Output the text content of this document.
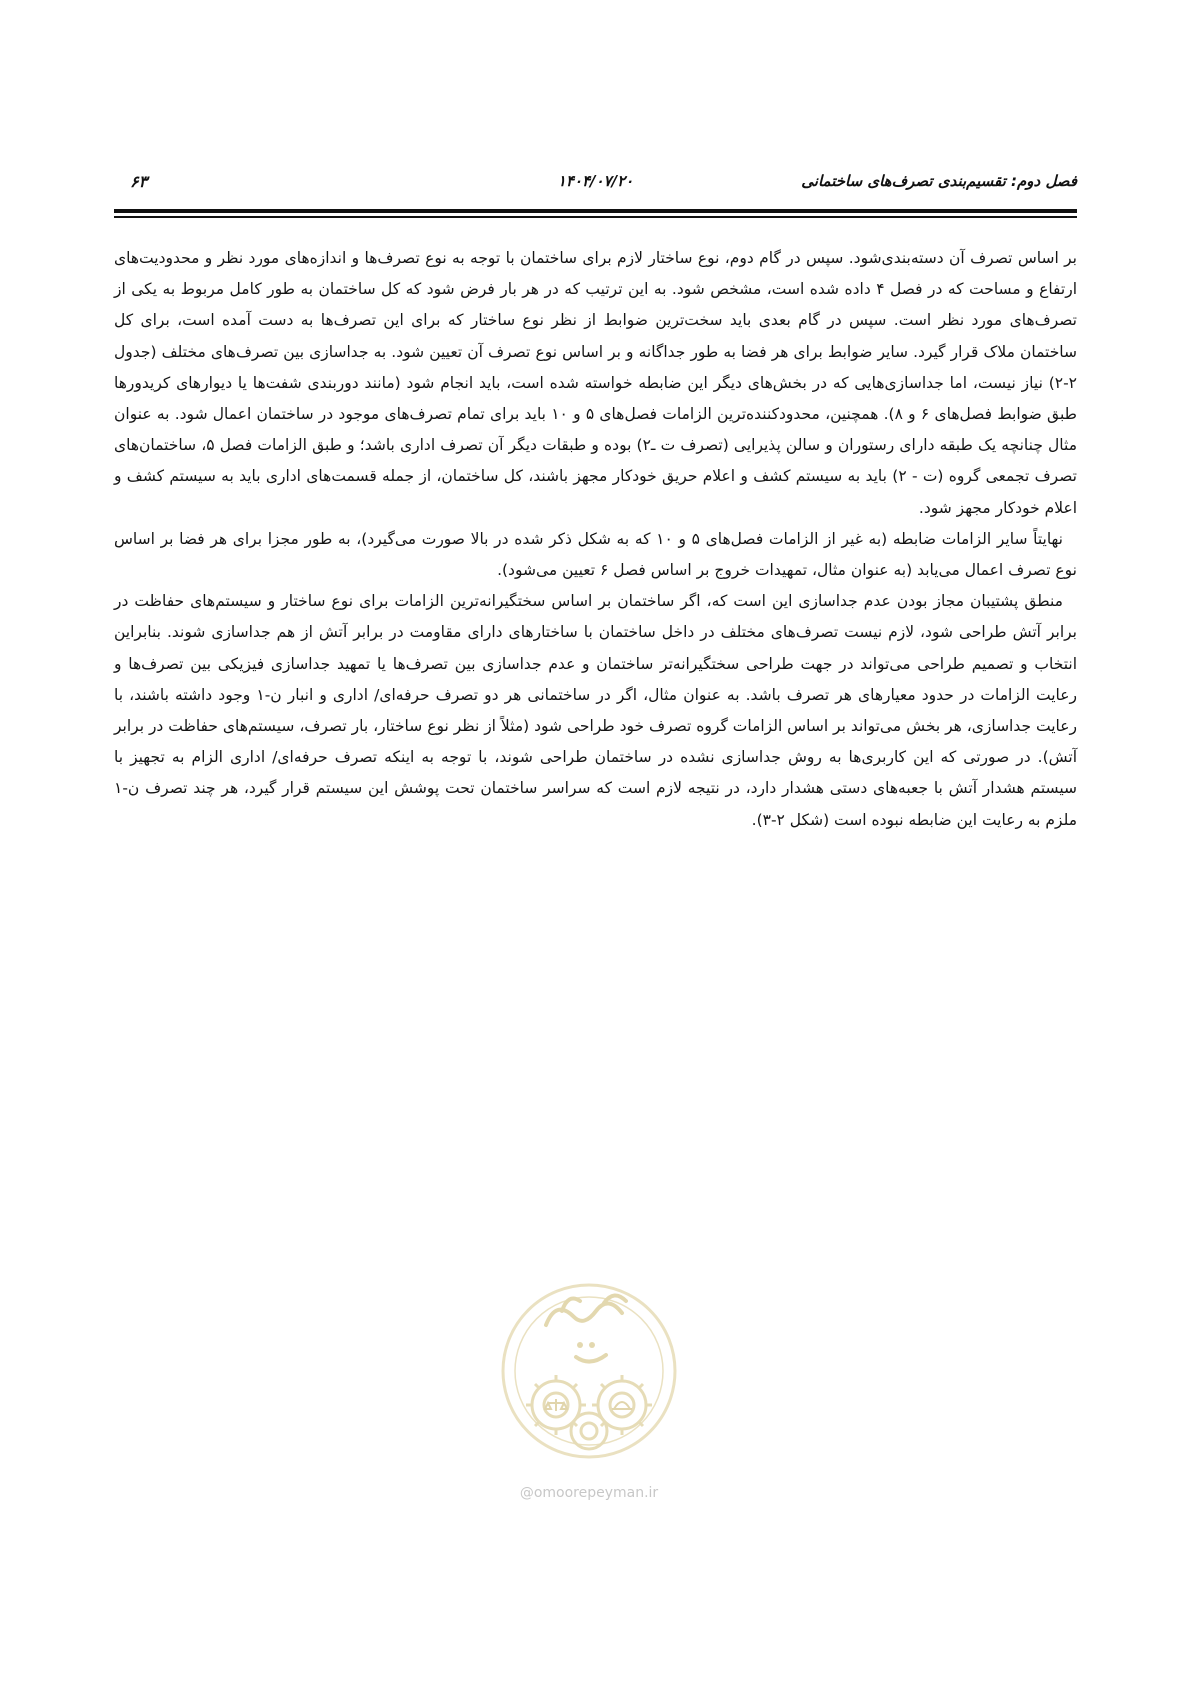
فصل دوم: تقسیم‌بندی تصرف‌های ساختمانی
۱۴۰۴/۰۷/۲۰
۶۳

بر اساس تصرف آن دسته‌بندی‌شود. سپس در گام دوم، نوع ساختار لازم برای ساختمان با توجه به نوع تصرف‌ها و اندازه‌های مورد نظر و محدودیت‌های ارتفاع و مساحت که در فصل ۴ داده شده است، مشخص شود. به این ترتیب که در هر بار فرض شود که کل ساختمان به طور کامل مربوط به یکی از تصرف‌های مورد نظر است. سپس در گام بعدی باید سخت‌ترین ضوابط از نظر نوع ساختار که برای این تصرف‌ها به دست آمده است، برای کل ساختمان ملاک قرار گیرد. سایر ضوابط برای هر فضا به طور جداگانه و بر اساس نوع تصرف آن تعیین شود. به جداسازی بین تصرف‌های مختلف (جدول ۲-۲) نیاز نیست، اما جداسازی‌هایی که در بخش‌های دیگر این ضابطه خواسته شده است، باید انجام شود (مانند دوربندی شفت‌ها یا دیوارهای کریدورها طبق ضوابط فصل‌های ۶ و ۸). همچنین، محدودکننده‌ترین الزامات فصل‌های ۵ و ۱۰ باید برای تمام تصرف‌های موجود در ساختمان اعمال شود. به عنوان مثال چنانچه یک طبقه دارای رستوران و سالن پذیرایی (تصرف ت ـ۲) بوده و طبقات دیگر آن تصرف اداری باشد؛ و طبق الزامات فصل ۵، ساختمان‌های تصرف تجمعی گروه (ت - ۲) باید به سیستم کشف و اعلام حریق خودکار مجهز باشند، کل ساختمان، از جمله قسمت‌های اداری باید به سیستم کشف و اعلام خودکار مجهز شود.

نهایتاً سایر الزامات ضابطه (به غیر از الزامات فصل‌های ۵ و ۱۰ که به شکل ذکر شده در بالا صورت می‌گیرد)، به طور مجزا برای هر فضا بر اساس نوع تصرف اعمال می‌یابد (به عنوان مثال، تمهیدات خروج بر اساس فصل ۶ تعیین می‌شود).

منطق پشتیبان مجاز بودن عدم جداسازی این است که، اگر ساختمان بر اساس سختگیرانه‌ترین الزامات برای نوع ساختار و سیستم‌های حفاظت در برابر آتش طراحی شود، لازم نیست تصرف‌های مختلف در داخل ساختمان با ساختارهای دارای مقاومت در برابر آتش از هم جداسازی شوند. بنابراین انتخاب و تصمیم طراحی می‌تواند در جهت طراحی سختگیرانه‌تر ساختمان و عدم جداسازی بین تصرف‌ها یا تمهید جداسازی فیزیکی بین تصرف‌ها و رعایت الزامات در حدود معیارهای هر تصرف باشد. به عنوان مثال، اگر در ساختمانی هر دو تصرف حرفه‌ای/ اداری و انبار ن-۱ وجود داشته باشند، با رعایت جداسازی، هر بخش می‌تواند بر اساس الزامات گروه تصرف خود طراحی شود (مثلاً از نظر نوع ساختار، بار تصرف، سیستم‌های حفاظت در برابر آتش). در صورتی که این کاربری‌ها به روش جداسازی نشده در ساختمان طراحی شوند، با توجه به اینکه تصرف حرفه‌ای/ اداری الزام به تجهیز با سیستم هشدار آتش با جعبه‌های دستی هشدار دارد، در نتیجه لازم است که سراسر ساختمان تحت پوشش این سیستم قرار گیرد، هر چند تصرف ن-۱ ملزم به رعایت این ضابطه نبوده است (شکل ۲-۳).

@omoorepeyman.ir
